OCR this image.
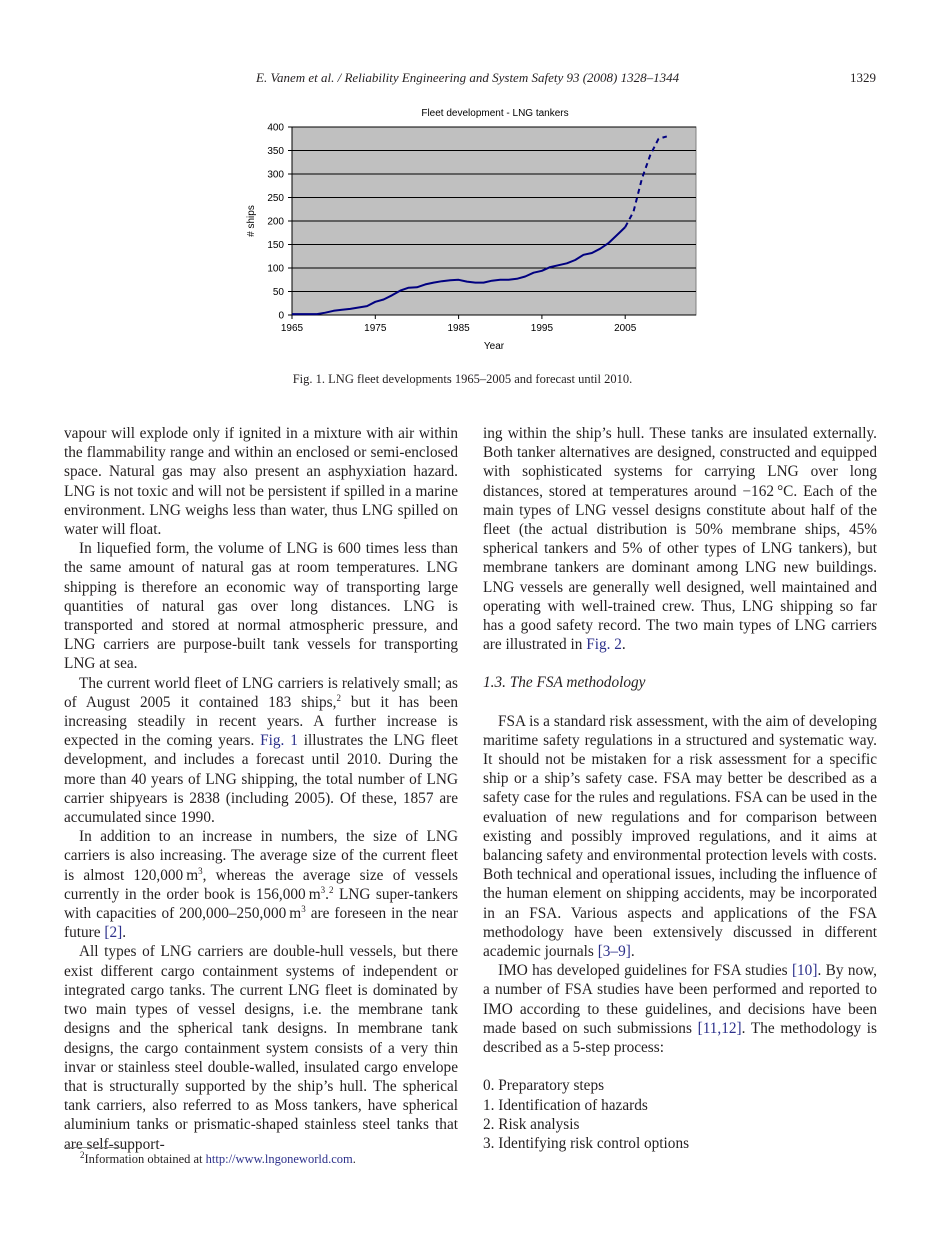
E. Vanem et al. / Reliability Engineering and System Safety 93 (2008) 1328–1344	1329
Fleet development - LNG tankers
0
50
100
150
200
250
300
350
400
1965	1975	1985	1995	2005
Year
# ships
Fig. 1. LNG fleet developments 1965–2005 and forecast until 2010.

vapour will explode only if ignited in a mixture with air within the flammability range and within an enclosed or semi-enclosed space. Natural gas may also present an asphyxiation hazard. LNG is not toxic and will not be persistent if spilled in a marine environment. LNG weighs less than water, thus LNG spilled on water will float.

In liquefied form, the volume of LNG is 600 times less than the same amount of natural gas at room temperatures. LNG shipping is therefore an economic way of transporting large quantities of natural gas over long distances. LNG is transported and stored at normal atmospheric pressure, and LNG carriers are purpose-built tank vessels for transporting LNG at sea.

The current world fleet of LNG carriers is relatively small; as of August 2005 it contained 183 ships,$^2$ but it has been increasing steadily in recent years. A further increase is expected in the coming years. Fig. 1 illustrates the LNG fleet development, and includes a forecast until 2010. During the more than 40 years of LNG shipping, the total number of LNG carrier shipyears is 2838 (including 2005). Of these, 1857 are accumulated since 1990.

In addition to an increase in numbers, the size of LNG carriers is also increasing. The average size of the current fleet is almost 120,000 $m^3$, whereas the average size of vessels currently in the order book is 156,000 $m^3.^2$ LNG super-tankers with capacities of 200,000–250,000 $m^3$ are foreseen in the near future [2].

All types of LNG carriers are double-hull vessels, but there exist different cargo containment systems of independent or integrated cargo tanks. The current LNG fleet is dominated by two main types of vessel designs, i.e. the membrane tank designs and the spherical tank designs. In membrane tank designs, the cargo containment system consists of a very thin invar or stainless steel double-walled, insulated cargo envelope that is structurally supported by the ship’s hull. The spherical tank carriers, also referred to as Moss tankers, have spherical aluminium tanks or prismatic-shaped stainless steel tanks that are self-support-

ing within the ship’s hull. These tanks are insulated externally. Both tanker alternatives are designed, constructed and equipped with sophisticated systems for carrying LNG over long distances, stored at temperatures around −162 °C. Each of the main types of LNG vessel designs constitute about half of the fleet (the actual distribution is 50% membrane ships, 45% spherical tankers and 5% of other types of LNG tankers), but membrane tankers are dominant among LNG new buildings. LNG vessels are generally well designed, well maintained and operating with well-trained crew. Thus, LNG shipping so far has a good safety record. The two main types of LNG carriers are illustrated in Fig. 2.

1.3. The FSA methodology

FSA is a standard risk assessment, with the aim of developing maritime safety regulations in a structured and systematic way. It should not be mistaken for a risk assessment for a specific ship or a ship’s safety case. FSA may better be described as a safety case for the rules and regulations. FSA can be used in the evaluation of new regulations and for comparison between existing and possibly improved regulations, and it aims at balancing safety and environmental protection levels with costs. Both technical and operational issues, including the influence of the human element on shipping accidents, may be incorporated in an FSA. Various aspects and applications of the FSA methodology have been extensively discussed in different academic journals [3–9].

IMO has developed guidelines for FSA studies [10]. By now, a number of FSA studies have been performed and reported to IMO according to these guidelines, and decisions have been made based on such submissions [11,12]. The methodology is described as a 5-step process:

0. Preparatory steps
1. Identification of hazards
2. Risk analysis
3. Identifying risk control options
$^2$Information obtained at http://www.lngoneworld.com.
